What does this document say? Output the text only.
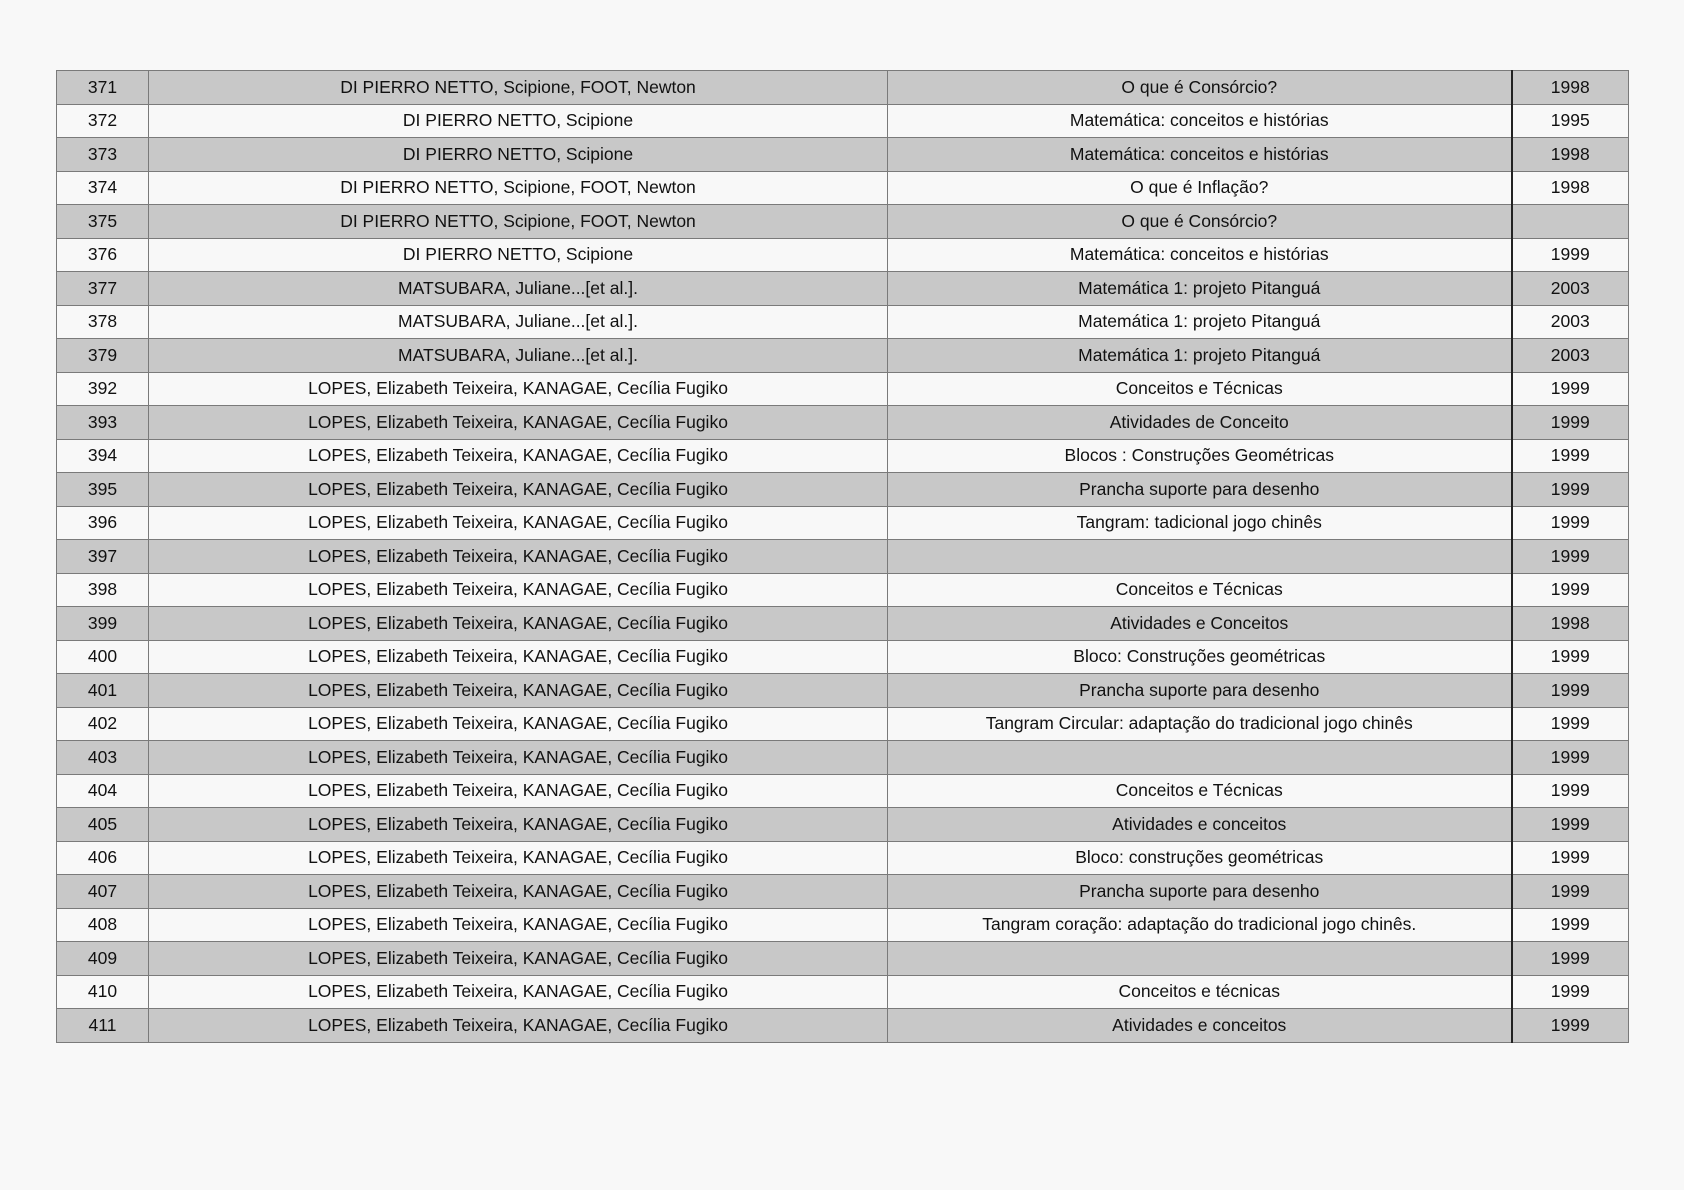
371	DI PIERRO NETTO, Scipione, FOOT, Newton	O que é Consórcio?	1998
372	DI PIERRO NETTO, Scipione	Matemática: conceitos e histórias	1995
373	DI PIERRO NETTO, Scipione	Matemática: conceitos e histórias	1998
374	DI PIERRO NETTO, Scipione, FOOT, Newton	O que é Inflação?	1998
375	DI PIERRO NETTO, Scipione, FOOT, Newton	O que é Consórcio?	
376	DI PIERRO NETTO, Scipione	Matemática: conceitos e histórias	1999
377	MATSUBARA, Juliane...[et al.].	Matemática 1: projeto Pitanguá	2003
378	MATSUBARA, Juliane...[et al.].	Matemática 1: projeto Pitanguá	2003
379	MATSUBARA, Juliane...[et al.].	Matemática 1: projeto Pitanguá	2003
392	LOPES, Elizabeth Teixeira, KANAGAE, Cecília Fugiko	Conceitos e Técnicas	1999
393	LOPES, Elizabeth Teixeira, KANAGAE, Cecília Fugiko	Atividades de Conceito	1999
394	LOPES, Elizabeth Teixeira, KANAGAE, Cecília Fugiko	Blocos : Construções Geométricas	1999
395	LOPES, Elizabeth Teixeira, KANAGAE, Cecília Fugiko	Prancha suporte para desenho	1999
396	LOPES, Elizabeth Teixeira, KANAGAE, Cecília Fugiko	Tangram: tadicional jogo chinês	1999
397	LOPES, Elizabeth Teixeira, KANAGAE, Cecília Fugiko		1999
398	LOPES, Elizabeth Teixeira, KANAGAE, Cecília Fugiko	Conceitos e Técnicas	1999
399	LOPES, Elizabeth Teixeira, KANAGAE, Cecília Fugiko	Atividades e Conceitos	1998
400	LOPES, Elizabeth Teixeira, KANAGAE, Cecília Fugiko	Bloco: Construções geométricas	1999
401	LOPES, Elizabeth Teixeira, KANAGAE, Cecília Fugiko	Prancha suporte para desenho	1999
402	LOPES, Elizabeth Teixeira, KANAGAE, Cecília Fugiko	Tangram Circular: adaptação do tradicional jogo chinês	1999
403	LOPES, Elizabeth Teixeira, KANAGAE, Cecília Fugiko		1999
404	LOPES, Elizabeth Teixeira, KANAGAE, Cecília Fugiko	Conceitos e Técnicas	1999
405	LOPES, Elizabeth Teixeira, KANAGAE, Cecília Fugiko	Atividades e conceitos	1999
406	LOPES, Elizabeth Teixeira, KANAGAE, Cecília Fugiko	Bloco: construções geométricas	1999
407	LOPES, Elizabeth Teixeira, KANAGAE, Cecília Fugiko	Prancha suporte para desenho	1999
408	LOPES, Elizabeth Teixeira, KANAGAE, Cecília Fugiko	Tangram coração: adaptação do tradicional jogo chinês.	1999
409	LOPES, Elizabeth Teixeira, KANAGAE, Cecília Fugiko		1999
410	LOPES, Elizabeth Teixeira, KANAGAE, Cecília Fugiko	Conceitos e técnicas	1999
411	LOPES, Elizabeth Teixeira, KANAGAE, Cecília Fugiko	Atividades e conceitos	1999
